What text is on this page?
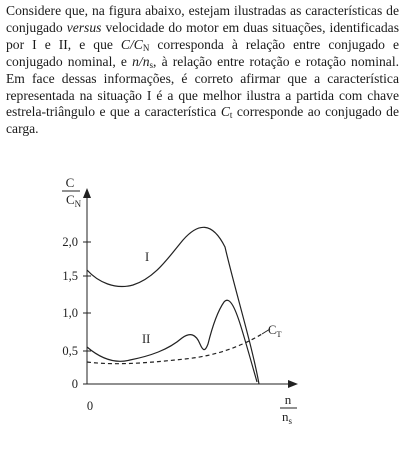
Considere que, na figura abaixo, estejam ilustradas as características de conjugado versus velocidade do motor em duas situações, identificadas por I e II, e que $C/C_N$ corresponda à relação entre conjugado e conjugado nominal, e $n/n_s$, à relação entre rotação e rotação nominal. Em face dessas informações, é correto afirmar que a característica representada na situação I é a que melhor ilustra a partida com chave estrela-triângulo e que a característica $C_t$ corresponde ao conjugado de carga.
C
$C_N$
2,0
1,5
1,0
0,5
0
0	n
$n_s$
I
II
$C_T$
